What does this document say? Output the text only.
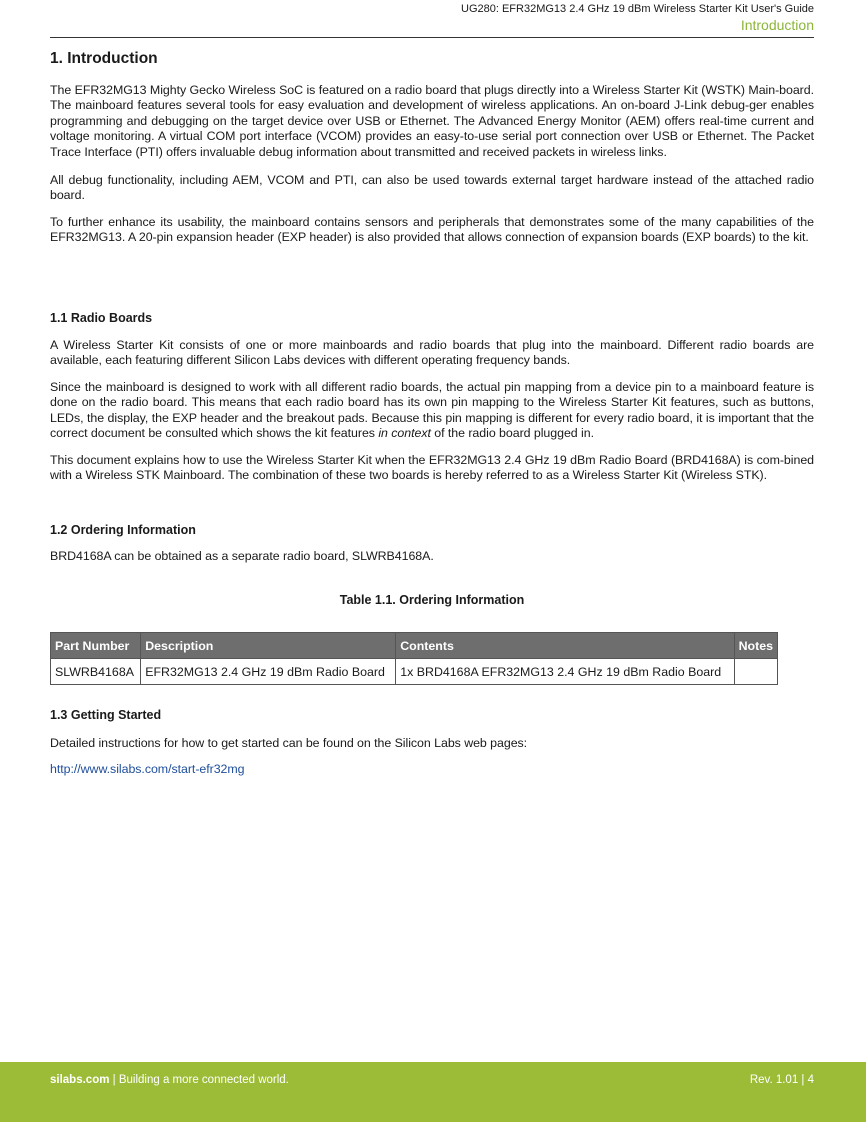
UG280: EFR32MG13 2.4 GHz 19 dBm Wireless Starter Kit User's Guide
Introduction
1. Introduction

The EFR32MG13 Mighty Gecko Wireless SoC is featured on a radio board that plugs directly into a Wireless Starter Kit (WSTK) Main-board. The mainboard features several tools for easy evaluation and development of wireless applications. An on-board J-Link debug-ger enables programming and debugging on the target device over USB or Ethernet. The Advanced Energy Monitor (AEM) offers real-time current and voltage monitoring. A virtual COM port interface (VCOM) provides an easy-to-use serial port connection over USB or Ethernet. The Packet Trace Interface (PTI) offers invaluable debug information about transmitted and received packets in wireless links.

All debug functionality, including AEM, VCOM and PTI, can also be used towards external target hardware instead of the attached radio board.

To further enhance its usability, the mainboard contains sensors and peripherals that demonstrates some of the many capabilities of the EFR32MG13. A 20-pin expansion header (EXP header) is also provided that allows connection of expansion boards (EXP boards) to the kit.

1.1 Radio Boards

A Wireless Starter Kit consists of one or more mainboards and radio boards that plug into the mainboard. Different radio boards are available, each featuring different Silicon Labs devices with different operating frequency bands.

Since the mainboard is designed to work with all different radio boards, the actual pin mapping from a device pin to a mainboard feature is done on the radio board. This means that each radio board has its own pin mapping to the Wireless Starter Kit features, such as buttons, LEDs, the display, the EXP header and the breakout pads. Because this pin mapping is different for every radio board, it is important that the correct document be consulted which shows the kit features in context of the radio board plugged in.

This document explains how to use the Wireless Starter Kit when the EFR32MG13 2.4 GHz 19 dBm Radio Board (BRD4168A) is com-bined with a Wireless STK Mainboard. The combination of these two boards is hereby referred to as a Wireless Starter Kit (Wireless STK).

1.2 Ordering Information

BRD4168A can be obtained as a separate radio board, SLWRB4168A.

Table 1.1. Ordering Information
Part Number	Description	Contents	Notes
SLWRB4168A	EFR32MG13 2.4 GHz 19 dBm Radio Board	1x BRD4168A EFR32MG13 2.4 GHz 19 dBm Radio Board	
1.3 Getting Started

Detailed instructions for how to get started can be found on the Silicon Labs web pages:

http://www.silabs.com/start-efr32mg

silabs.com | Building a more connected world.	Rev. 1.01 | 4
